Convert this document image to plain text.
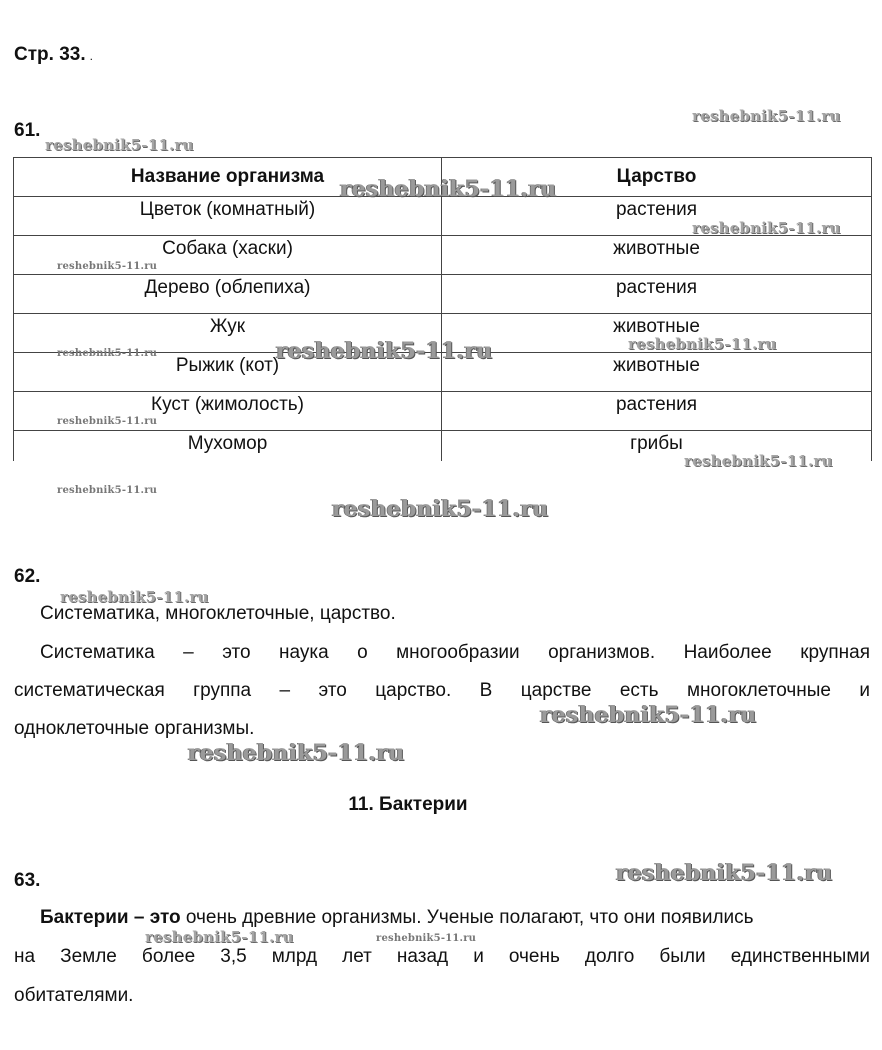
Стр. 33. .
61.
Название организма	Царство
Цветок (комнатный)	растения
Собака (хаски)	животные
Дерево (облепиха)	растения
Жук	животные
Рыжик (кот)	животные
Куст (жимолость)	растения
Мухомор	грибы
62.
Систематика, многоклеточные, царство.
Систематика – это наука о многообразии организмов. Наиболее крупная
систематическая группа – это царство. В царстве есть многоклеточные и
одноклеточные организмы.
11. Бактерии
63.
Бактерии – это очень древние организмы. Ученые полагают, что они появились
на Земле более 3,5 млрд лет назад и очень долго были единственными
обитателями.
reshebnik5-11.ru
reshebnik5-11.ru
reshebnik5-11.ru
reshebnik5-11.ru
reshebnik5-11.ru
reshebnik5-11.ru	reshebnik5-11.ru
reshebnik5-11.ru
reshebnik5-11.ru
reshebnik5-11.ru
reshebnik5-11.ru
reshebnik5-11.ru
reshebnik5-11.ru
reshebnik5-11.ru
reshebnik5-11.ru
reshebnik5-11.ru
reshebnik5-11.ru	reshebnik5-11.ru
